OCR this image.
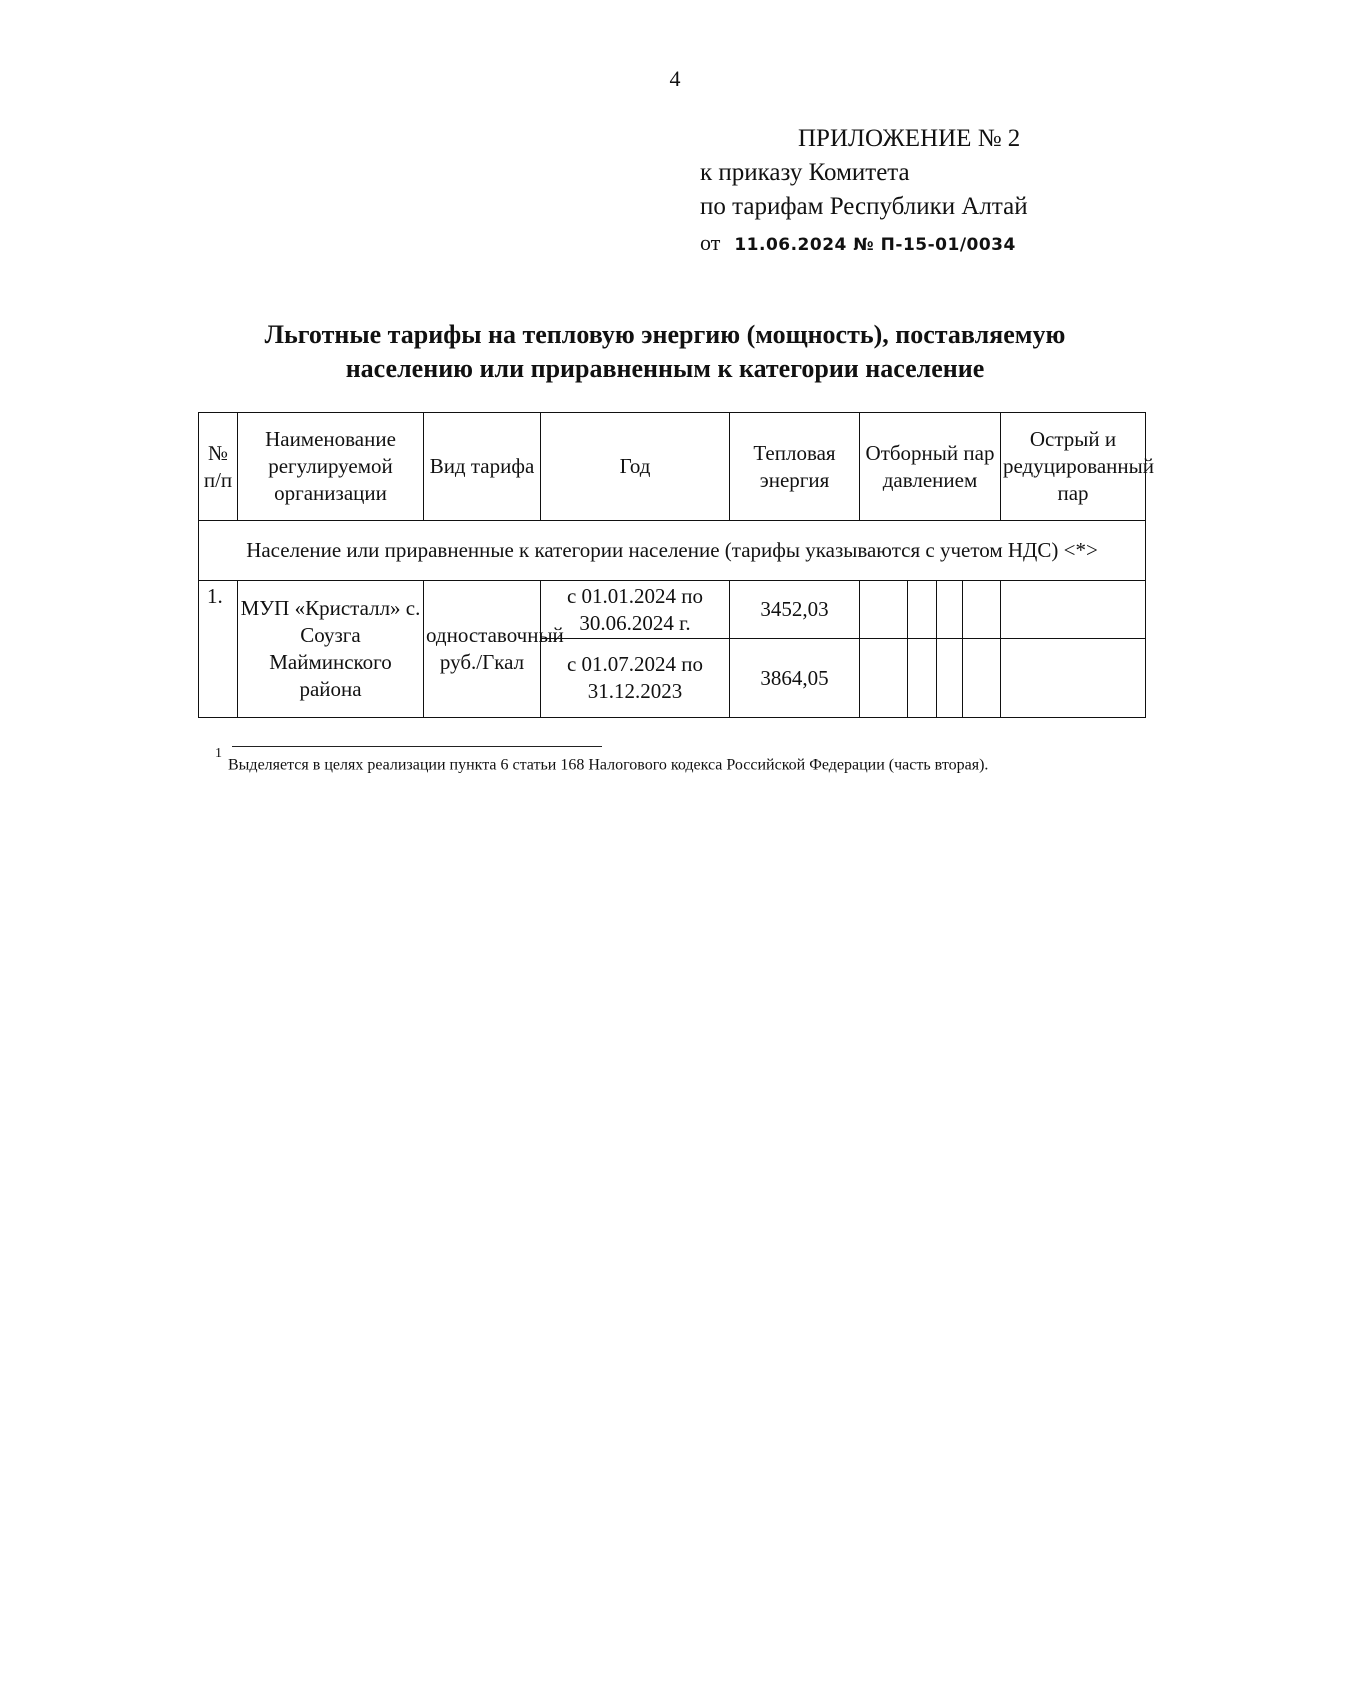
4
ПРИЛОЖЕНИЕ № 2
к приказу Комитета
по тарифам Республики Алтай
от 11.06.2024 № П-15-01/0034
Льготные тарифы на тепловую энергию (мощность), поставляемую
населению или приравненным к категории население
№ п/п	Наименование регулируемой организации	Вид тарифа	Год	Тепловая энергия	Отборный пар давлением				Острый и редуцированный пар
Население или приравненные к категории население (тарифы указываются с учетом НДС) <*>									
1.	МУП «Кристалл» с. Соузга Майминского района	одноставочный руб./Гкал	с 01.01.2024 по 30.06.2024 г.	3452,03					
			с 01.07.2024 по 31.12.2023	3864,05					
$^1$Выделяется в целях реализации пункта 6 статьи 168 Налогового кодекса Российской Федерации (часть вторая).
